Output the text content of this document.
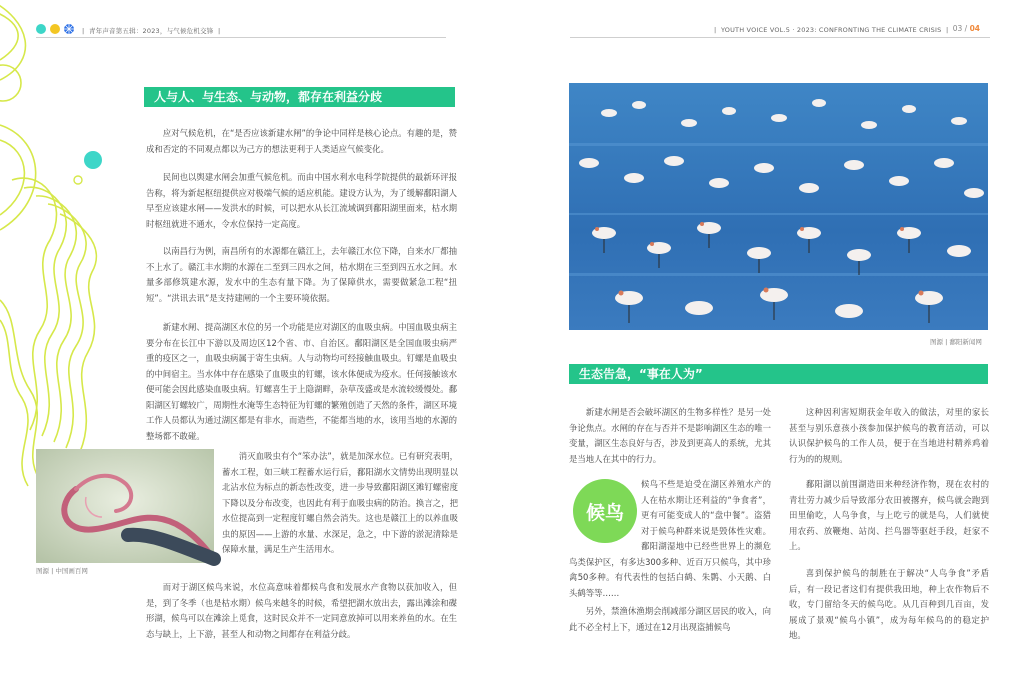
| 青年声音第五辑：2023，与气候危机交锋 |	| YOUTH VOICE VOL.5 · 2023: CONFRONTING THE CLIMATE CRISIS | 03 / 04
人与人、与生态、与动物，都存在利益分歧
应对气候危机，在“是否应该新建水闸”的争论中同样是核心论点。有趣的是，赞成和否定的不同观点都以为己方的想法更利于人类适应气候变化。
民间也以舆建水闸会加重气候危机。而由中国水利水电科学院提供的最新环评报告称，将为新起枢纽提供应对极端气候的适应机能。建设方认为，为了缓解鄱阳湖人早至应该建水闸——发洪水的时候，可以把水从长江流域调到鄱阳湖里面来，枯水期时枢纽就进不通水，令水位保持一定高度。
以南昌行为例，南昌所有的水源都在赣江上，去年赣江水位下降，自来水厂都抽不上水了。赣江丰水期的水源在二至到三四水之间，枯水期在三至到四五水之间。水量多部修筑建水源，发水中的生态有量下降。为了保障供水，需要做紧急工程“扭短”。“洪讯去讯”是支持建闸的一个主要环境依据。
新建水闸、提高湖区水位的另一个功能是应对湖区的血吸虫病。中国血吸虫病主要分布在长江中下游以及周边区12个省、市、自治区。鄱阳湖区是全国血吸虫病严重的疫区之一，血吸虫病属于寄生虫病。人与动物均可经接触血吸虫。钉螺是血吸虫的中间宿主。当水体中存在感染了血吸虫的钉螺，该水体便成为疫水。任何接触该水便可能会因此感染血吸虫病。钉螺喜生于上隐湖畔，杂草茂盛或是水流较缓慢处。鄱阳湖区钉螺较广，周期性水淹等生态特征为钉螺的繁殖创造了天然的条件，湖区环境工作人员都认为通过湖区都是有非水，而造些，不能都当地的水，该用当地的水源的整场都不敢碰。
图源 | 中国画百网
消灭血吸虫有个“笨办法”，就是加深水位。已有研究表明，蓄水工程，如三峡工程蓄水运行后，鄱阳湖水文情势出现明显以北沾水位为标点的新态性改变，进一步导致鄱阳湖区滩钉螺密度下降以及分布改变，也因此有利于血吸虫病的防治。换言之，把水位提高到一定程度钉螺自然会消失。这也是赣江上的以养血吸虫的原因——上游的水量、水深足，急之，中下游的淤泥清除是保障水量，满足生产生活用水。
而对于湖区候鸟来说，水位高意味着都候鸟食和发展水产食物以获加收入，但是，到了冬季（也是枯水期）候鸟来越冬的时候，希望把湖水放出去，露出滩涂和碟形湖，候鸟可以在滩涂上觅食，这时民众并不一定同意放掉可以用来养鱼的水。在生态与缺上，上下游，甚至人和动物之间都存在利益分歧。
图源 | 鄱阳新闻网
生态告急，“事在人为”
新建水闸是否会破坏湖区的生物多样性？是另一处争论焦点。水闸的存在与否并不是影响湖区生态的唯一变量，湖区生态良好与否，涉及到更高人的系统，尤其是当地人在其中的行力。
这种因利害短期获金年收入的做法，对里的家长甚至与别乐意孩小孩参加保护候鸟的教育活动，可以认识保护候鸟的工作人员，便于在当地进村精养鸡着行为的的规则。
候鸟
候鸟不些是迫受在湖区养殖水产的人在枯水期让还利益的“争食者”，更有可能变成人的“盘中餐”。盗猎对于候鸟种群来说是毁体性灾难。鄱阳湖湿地中已经些世界上的濒危鸟类保护区，有多达300多种、近百万只候鸟，其中珍禽50多种。有代表性的包括白鹤、朱鹮、小天鹅、白头鹤等等……
鄱阳湖以前围湖造田来种经济作物，现在农村的青壮劳力减少后导致部分农田被撂弃，候鸟就会跑到田里偷吃，人鸟争食，与上吃亏的就是鸟，人们就使用农药、放鞭炮、站岗、拦鸟器等驱赶手段，赶家不上。
另外，禁渔休渔期会削减部分湖区居民的收入，向此不必全村上下，通过在12月出现盗捕候鸟
喜到保护候鸟的制胜在于解决“人鸟争食”矛盾后，有一段记者这们有提供我田地，种上农作物后不收，专门留给冬天的候鸟吃。从几百种到几百亩，发展成了景观“候鸟小镇”，成为每年候鸟的的稳定护地。
